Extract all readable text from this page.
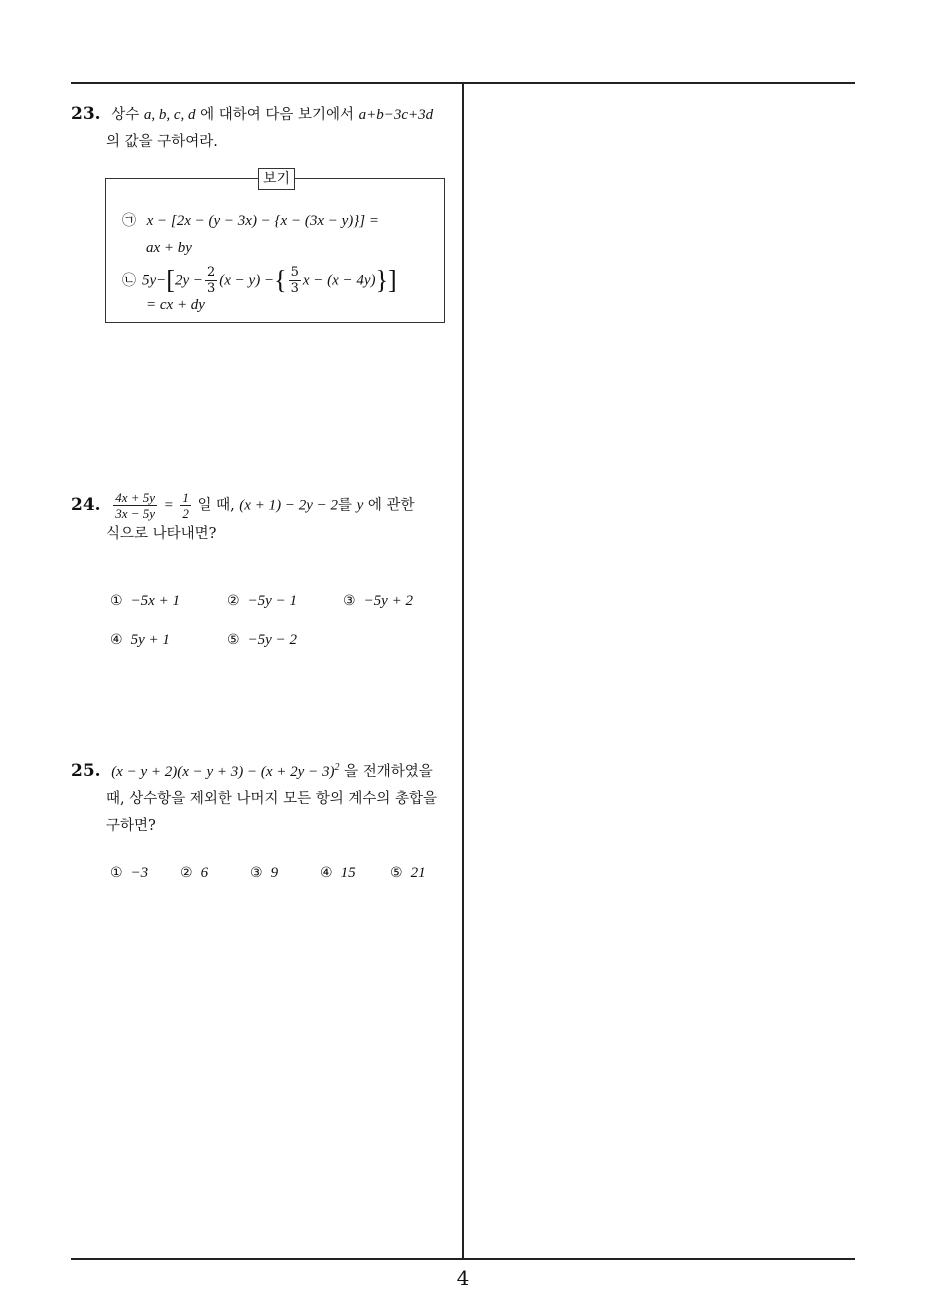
23. 상수 a, b, c, d 에 대하여 다음 보기에서 a+b−3c+3d
의 값을 구하여라.
보기
㉠ x − [2x − (y − 3x) − {x − (3x − y)}] =
ax + by
㉡ $5y-[2y - \frac{2}{3} (x - y)$ −{ $\frac{5}{3}$ x − (x − 4y)}]
= cx + dy
24. $\frac{4x + 5y}{3x - 5y} = \frac{1}{2}$ 일 때, (x + 1) − 2y − 2를 y 에 관한
식으로 나타내면?
① −5x + 1	② −5y − 1	③ −5y + 2
④ 5y + 1	⑤ −5y − 2
25. $(x - y + 2)(x - y + 3) - (x + 2y - 3)^2$ 을 전개하였을
때, 상수항을 제외한 나머지 모든 항의 계수의 총합을
구하면?
① −3 ② 6	③ 9	④ 15 ⑤ 21
4
